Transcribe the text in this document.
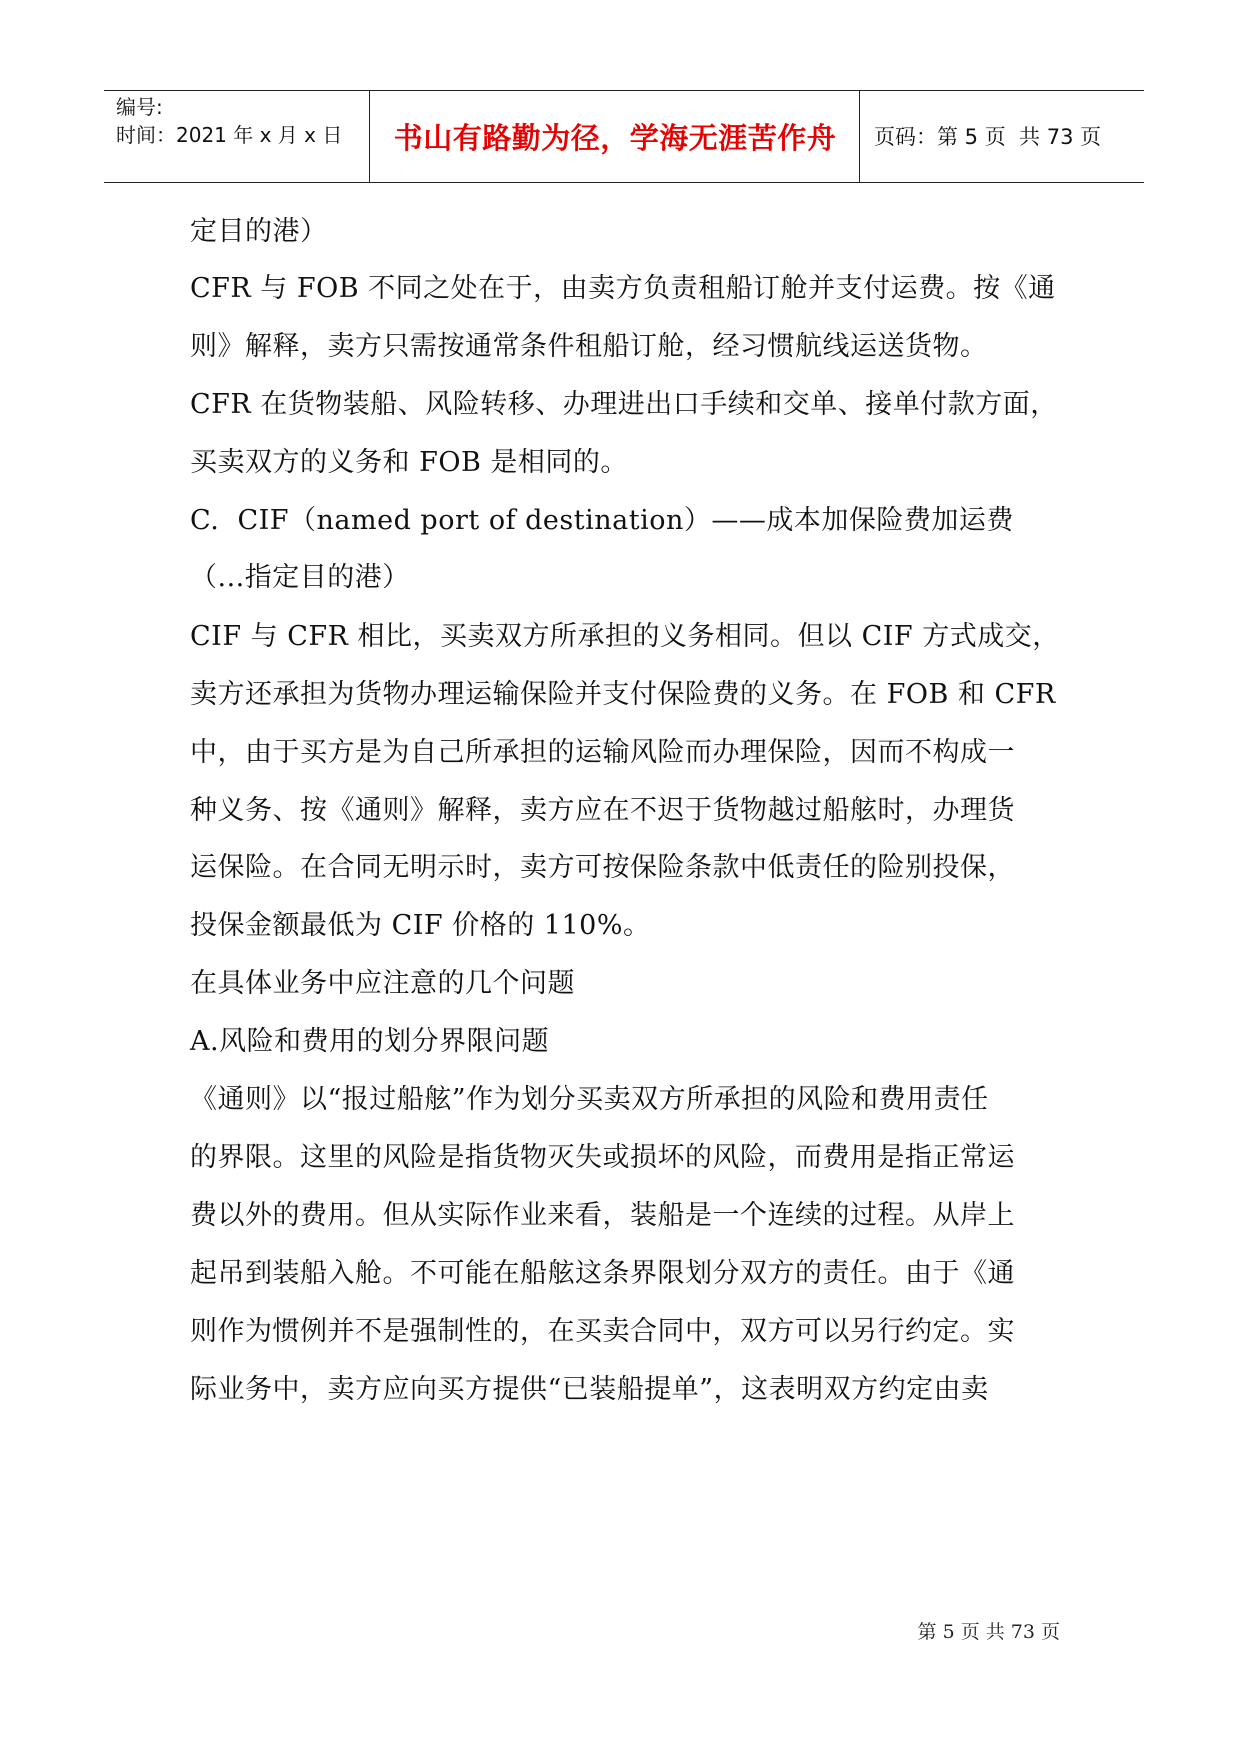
编号:
时间：2021 年 x 月 x 日	书山有路勤为径，学海无涯苦作舟	页码：第 5 页  共 73 页
定目的港）
CFR 与 FOB 不同之处在于，由卖方负责租船订舱并支付运费。按《通
则》解释，卖方只需按通常条件租船订舱，经习惯航线运送货物。
CFR 在货物装船、风险转移、办理进出口手续和交单、接单付款方面，
买卖双方的义务和 FOB 是相同的。
C.  CIF（named port of destination）——成本加保险费加运费
（...指定目的港）
CIF 与 CFR 相比，买卖双方所承担的义务相同。但以 CIF 方式成交，
卖方还承担为货物办理运输保险并支付保险费的义务。在 FOB 和 CFR
中，由于买方是为自己所承担的运输风险而办理保险，因而不构成一
种义务、按《通则》解释，卖方应在不迟于货物越过船舷时，办理货
运保险。在合同无明示时，卖方可按保险条款中低责任的险别投保，
投保金额最低为 CIF 价格的 110%。
在具体业务中应注意的几个问题
A.风险和费用的划分界限问题
《通则》以“报过船舷”作为划分买卖双方所承担的风险和费用责任
的界限。这里的风险是指货物灭失或损坏的风险，而费用是指正常运
费以外的费用。但从实际作业来看，装船是一个连续的过程。从岸上
起吊到装船入舱。不可能在船舷这条界限划分双方的责任。由于《通
则作为惯例并不是强制性的，在买卖合同中，双方可以另行约定。实
际业务中，卖方应向买方提供“已装船提单”，这表明双方约定由卖
第 5 页 共 73 页
